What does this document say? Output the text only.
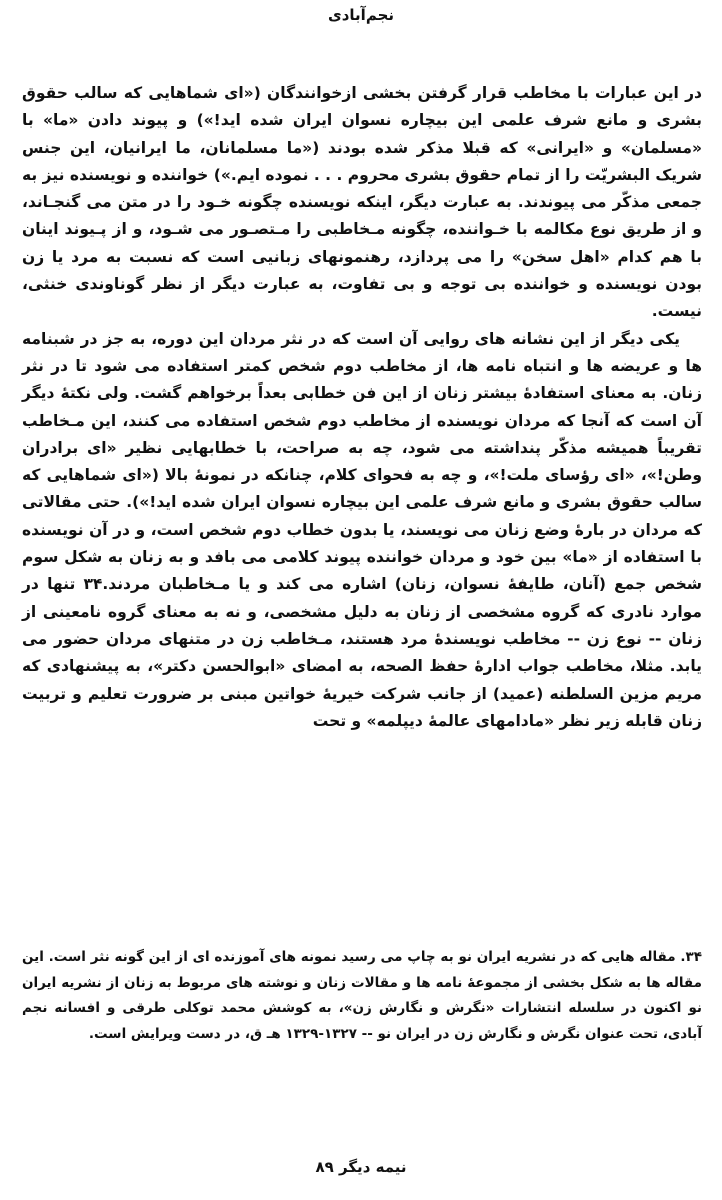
نجم‌آبادی

در این عبارات با مخاطب قرار گرفتن بخشی ازخوانندگان («ای شماهایی که سالب حقوق بشری و مانع شرف علمی این بیچاره نسوان ایران شده اید!») و پیوند دادن «ما» با «مسلمان» و «ایرانی» که قبلا مذکر شده بودند («ما مسلمانان، ما ایرانیان، این جنس شریک البشریّت را از تمام حقوق بشری محروم . . . نموده ایم.») خواننده و نویسنده نیز به جمعی مذکّر می پیوندند. به عبارت دیگر، اینکه نویسنده چگونه خـود را در متن می گنجـاند، و از طریق نوع مکالمه با خـواننده، چگونه مـخاطبی را مـتصـور می شـود، و از پـیوند اینان با هم کدام «اهل سخن» را می پردازد، رهنمونهای زبانیی است که نسبت به مرد یا زن بودن نویسنده و خواننده بی توجه و بی تفاوت، به عبارت دیگر از نظر گوناوندی خنثی، نیست.

یکی دیگر از این نشانه های روایی آن است که در نثر مردان این دوره، به جز در شبنامه ها و عریضه ها و انتباه نامه ها، از مخاطب دوم شخص کمتر استفاده می شود تا در نثر زنان. به معنای استفادهٔ بیشتر زنان از این فن خطابی بعداً برخواهم گشت. ولی نکتهٔ دیگر آن است که آنجا که مردان نویسنده از مخاطب دوم شخص استفاده می کنند، این مـخاطب تقریباً همیشه مذکّر پنداشته می شود، چه به صراحت، با خطابهایی نظیر «ای برادران وطن!»، «ای رؤسای ملت!»، و چه به فحوای کلام، چنانکه در نمونهٔ بالا («ای شماهایی که سالب حقوق بشری و مانع شرف علمی این بیچاره نسوان ایران شده اید!»). حتی مقالاتی که مردان در بارهٔ وضع زنان می نویسند، یا بدون خطاب دوم شخص است، و در آن نویسنده با استفاده از «ما» بین خود و مردان خواننده پیوند کلامی می بافد و به زنان به شکل سوم شخص جمع (آنان، طایفهٔ نسوان، زنان) اشاره می کند و یا مـخاطبان مردند.۳۴ تنها در موارد نادری که گروه مشخصی از زنان به دلیل مشخصی، و نه به معنای گروه نامعینی از زنان -- نوع زن -- مخاطب نویسندهٔ مرد هستند، مـخاطب زن در متنهای مردان حضور می یابد. مثلا، مخاطب جواب ادارهٔ حفظ الصحه، به امضای «ابوالحسن دکتر»، به پیشنهادی که مریم مزین السلطنه (عمید) از جانب شرکت خیریهٔ خواتین مبنی بر ضرورت تعلیم و تربیت زنان قابله زیر نظر «مادامهای عالمهٔ دیپلمه» و تحت

۳۴. مقاله هایی که در نشریه ایران نو به چاپ می رسید نمونه های آموزنده ای از این گونه نثر است. این مقاله ها به شکل بخشی از مجموعهٔ نامه ها و مقالات زنان و نوشته های مربوط به زنان از نشریه ایران نو اکنون در سلسله انتشارات «نگرش و نگارش زن»، به کوشش محمد توکلی طرقی و افسانه نجم آبادی، تحت عنوان نگرش و نگارش زن در ایران نو -- ۱۳۲۷-۱۳۲۹ هـ ق، در دست ویرایش است.

نیمه دیگر ۸۹
